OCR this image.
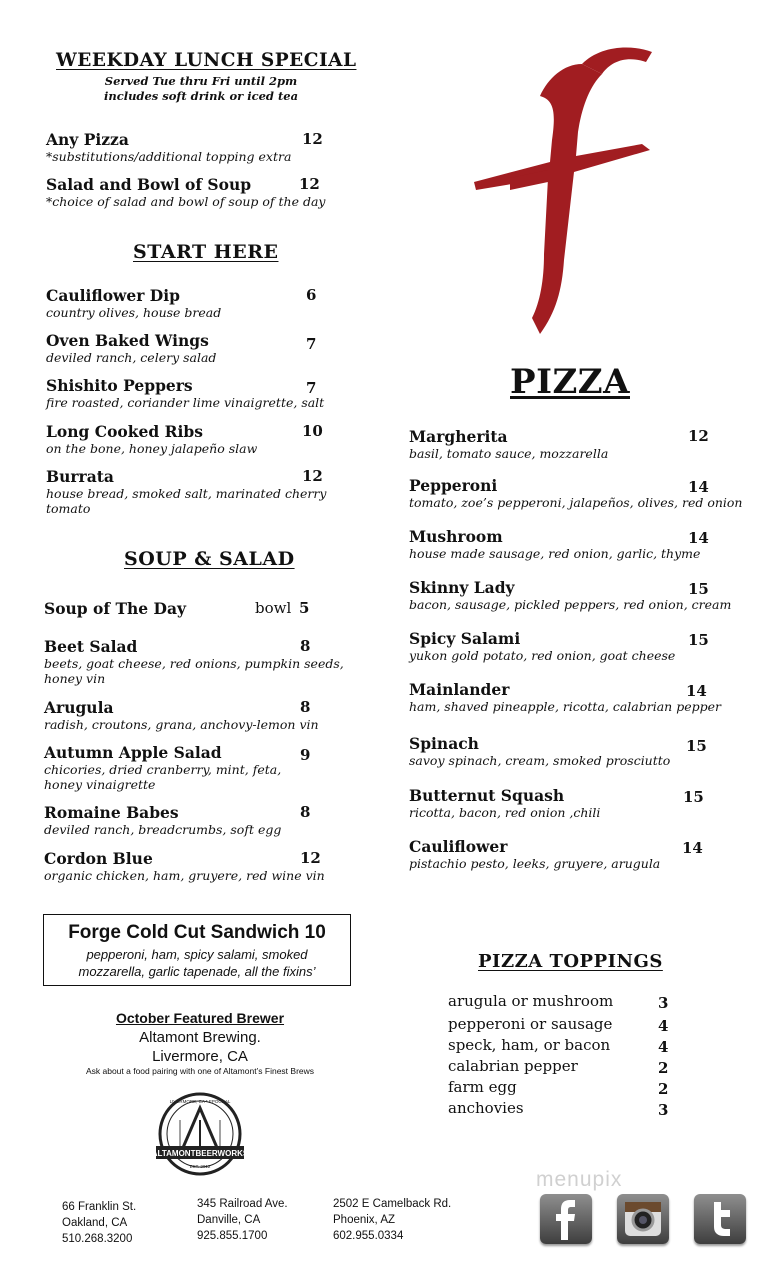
WEEKDAY LUNCH SPECIAL
Served Tue thru Fri until 2pm
includes soft drink or iced tea
Any Pizza
*substitutions/additional topping extra
12
Salad and Bowl of Soup
*choice of salad and bowl of soup of the day
12
START HERE
Cauliflower Dip
country olives, house bread
6
Oven Baked Wings
deviled ranch, celery salad
7
Shishito Peppers
fire roasted, coriander lime vinaigrette, salt
7
Long Cooked Ribs
on the bone, honey jalapeño slaw
10
Burrata
house bread, smoked salt, marinated cherry tomato
12
SOUP & SALAD
Soup of The Day	bowl 5
Beet Salad
beets, goat cheese, red onions, pumpkin seeds, honey vin
8
Arugula
radish, croutons, grana, anchovy-lemon vin
8
Autumn Apple Salad
chicories, dried cranberry, mint, feta, honey vinaigrette
9
Romaine Babes
deviled ranch, breadcrumbs, soft egg
8
Cordon Blue
organic chicken, ham, gruyere, red wine vin
12
Forge Cold Cut Sandwich 10
pepperoni, ham, spicy salami, smoked mozzarella, garlic tapenade, all the fixins’
October Featured Brewer
Altamont Brewing.
Livermore, CA
Ask about a food pairing with one of Altamont’s Finest Brews
ALTAMONTBEERWORKS
EST. 2012
LIVERMORE, CA * EPOCHAL
66 Franklin St.
Oakland, CA
510.268.3200
345 Railroad Ave.
Danville, CA
925.855.1700
2502 E Camelback Rd.
Phoenix, AZ
602.955.0334
PIZZA
Margherita
basil, tomato sauce, mozzarella
12
Pepperoni
tomato, zoe’s pepperoni, jalapeños, olives, red onion
14
Mushroom
house made sausage, red onion, garlic, thyme
14
Skinny Lady
bacon, sausage, pickled peppers, red onion, cream
15
Spicy Salami
yukon gold potato, red onion, goat cheese
15
Mainlander
ham, shaved pineapple, ricotta, calabrian pepper
14
Spinach
savoy spinach, cream, smoked prosciutto
15
Butternut Squash
ricotta, bacon, red onion ,chili
15
Cauliflower
pistachio pesto, leeks, gruyere, arugula
14
PIZZA TOPPINGS
arugula or mushroom	3
pepperoni or sausage	4
speck, ham, or bacon	4
calabrian pepper	2
farm egg	2
anchovies	3
menupix
